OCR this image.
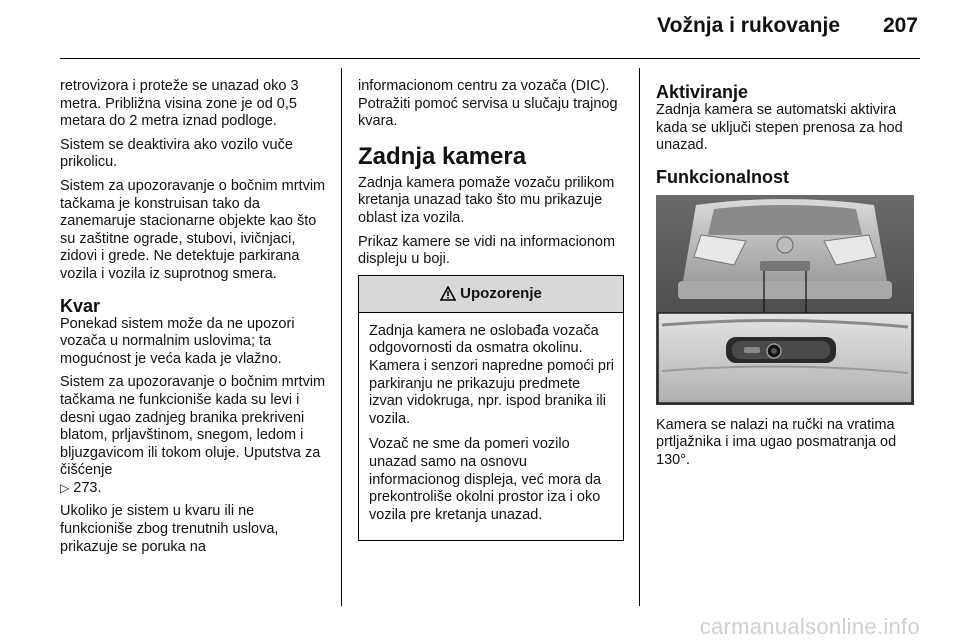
Vožnja i rukovanje 207

retrovizora i proteže se unazad oko 3 metra. Približna visina zone je od 0,5 metara do 2 metra iznad podloge.

Sistem se deaktivira ako vozilo vuče prikolicu.

Sistem za upozoravanje o bočnim mrtvim tačkama je konstruisan tako da zanemaruje stacionarne objekte kao što su zaštitne ograde, stubovi, ivičnjaci, zidovi i grede. Ne detektuje parkirana vozila i vozila iz suprotnog smera.

Kvar

Ponekad sistem može da ne upozori vozača u normalnim uslovima; ta mogućnost je veća kada je vlažno.

Sistem za upozoravanje o bočnim mrtvim tačkama ne funkcioniše kada su levi i desni ugao zadnjeg branika prekriveni blatom, prljavštinom, snegom, ledom i bljuzgavicom ili tokom oluje. Uputstva za čišćenje
▷ 273.

Ukoliko je sistem u kvaru ili ne funkcioniše zbog trenutnih uslova, prikazuje se poruka na

informacionom centru za vozača (DIC). Potražiti pomoć servisa u slučaju trajnog kvara.

Zadnja kamera

Zadnja kamera pomaže vozaču prilikom kretanja unazad tako što mu prikazuje oblast iza vozila.

Prikaz kamere se vidi na informacionom displeju u boji.

Upozorenje

Zadnja kamera ne oslobađa vozača odgovornosti da osmatra okolinu. Kamera i senzori napredne pomoći pri parkiranju ne prikazuju predmete izvan vidokruga, npr. ispod branika ili vozila.

Vozač ne sme da pomeri vozilo unazad samo na osnovu informacionog displeja, već mora da prekontroliše okolni prostor iza i oko vozila pre kretanja unazad.

Aktiviranje

Zadnja kamera se automatski aktivira kada se uključi stepen prenosa za hod unazad.

Funkcionalnost

Kamera se nalazi na ručki na vratima prtljažnika i ima ugao posmatranja od 130°.

carmanualsonline.info
